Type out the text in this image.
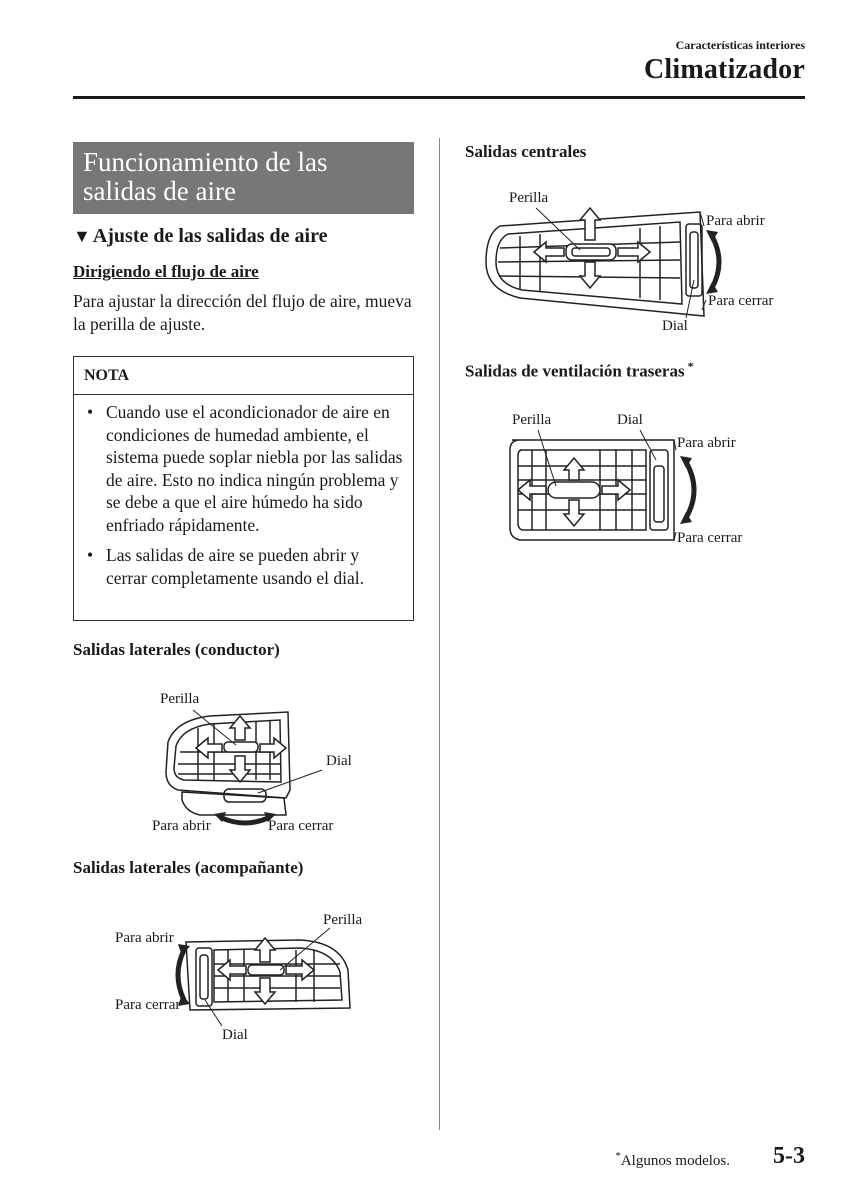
Características interiores
Climatizador
Funcionamiento de las
salidas de aire
▼ Ajuste de las salidas de aire
Dirigiendo el flujo de aire
Para ajustar la dirección del flujo de aire, mueva la perilla de ajuste.
NOTA
• Cuando use el acondicionador de aire en condiciones de humedad ambiente, el sistema puede soplar niebla por las salidas de aire. Esto no indica ningún problema y se debe a que el aire húmedo ha sido enfriado rápidamente.
• Las salidas de aire se pueden abrir y cerrar completamente usando el dial.
Salidas laterales (conductor)
Perilla
Dial
Para abrir	Para cerrar
Salidas laterales (acompañante)
Perilla
Para abrir
Para cerrar
Dial
Salidas centrales
Perilla
Para abrir
Para cerrar
Dial
Salidas de ventilación traseras *
Perilla	Dial
Para abrir
Para cerrar
*Algunos modelos. 5-3
